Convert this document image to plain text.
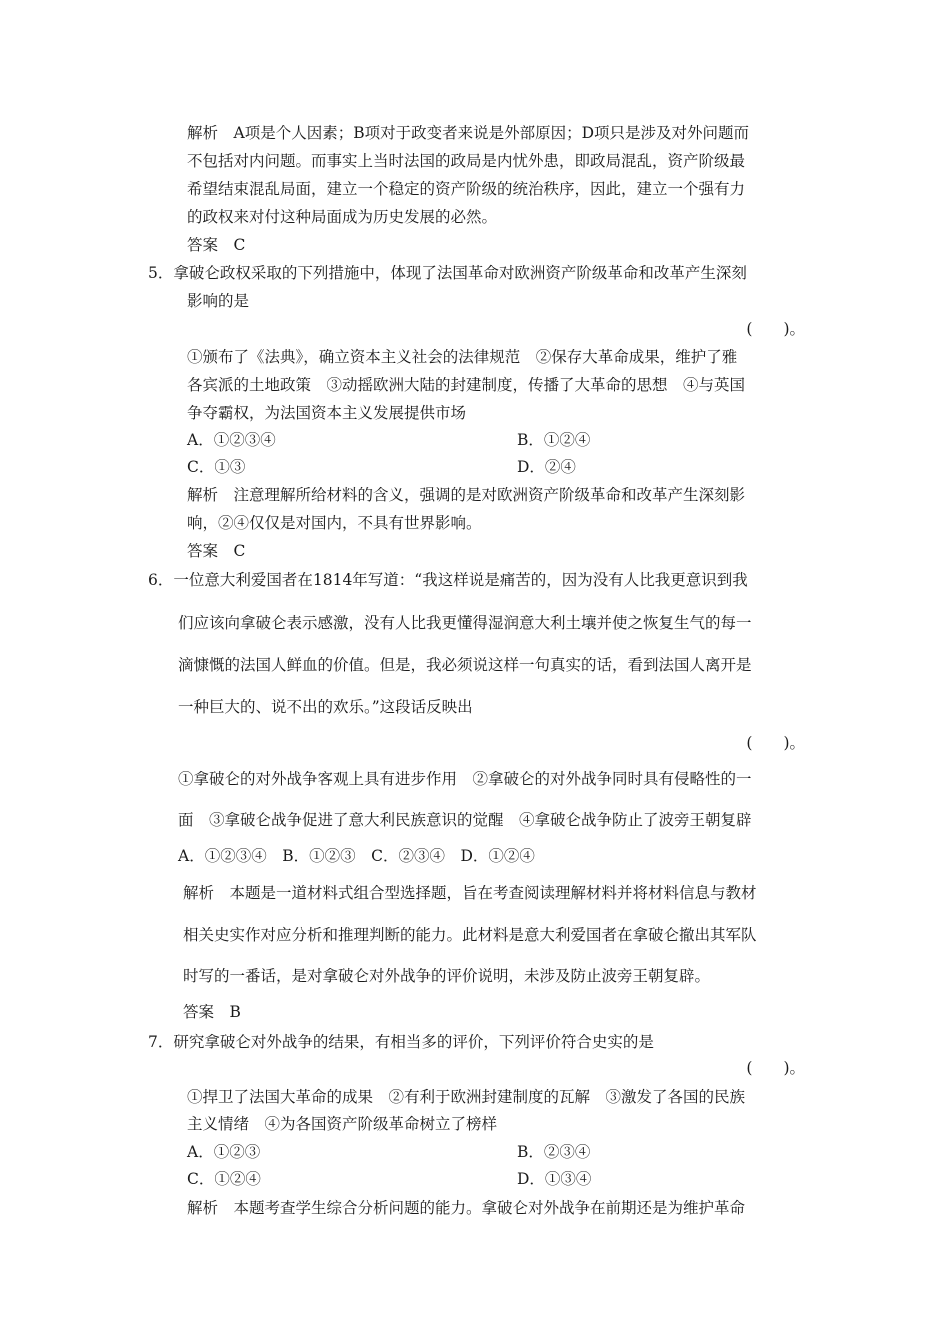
解析　A项是个人因素；B项对于政变者来说是外部原因；D项只是涉及对外问题而
不包括对内问题。而事实上当时法国的政局是内忧外患，即政局混乱，资产阶级最
希望结束混乱局面，建立一个稳定的资产阶级的统治秩序，因此，建立一个强有力
的政权来对付这种局面成为历史发展的必然。
答案　C
5．拿破仑政权采取的下列措施中，体现了法国革命对欧洲资产阶级革命和改革产生深刻
影响的是
(　　)。
①颁布了《法典》，确立资本主义社会的法律规范　②保存大革命成果，维护了雅
各宾派的土地政策　③动摇欧洲大陆的封建制度，传播了大革命的思想　④与英国
争夺霸权，为法国资本主义发展提供市场
A．①②③④	B．①②④
C．①③	D．②④
解析　注意理解所给材料的含义，强调的是对欧洲资产阶级革命和改革产生深刻影
响，②④仅仅是对国内，不具有世界影响。
答案　C
6．一位意大利爱国者在1814年写道：“我这样说是痛苦的，因为没有人比我更意识到我
们应该向拿破仑表示感激，没有人比我更懂得湿润意大利土壤并使之恢复生气的每一
滴慷慨的法国人鲜血的价值。但是，我必须说这样一句真实的话，看到法国人离开是
一种巨大的、说不出的欢乐。”这段话反映出
(　　)。
①拿破仑的对外战争客观上具有进步作用　②拿破仑的对外战争同时具有侵略性的一
面　③拿破仑战争促进了意大利民族意识的觉醒　④拿破仑战争防止了波旁王朝复辟
A．①②③④　B．①②③　C．②③④　D．①②④
解析　本题是一道材料式组合型选择题，旨在考查阅读理解材料并将材料信息与教材
相关史实作对应分析和推理判断的能力。此材料是意大利爱国者在拿破仑撤出其军队
时写的一番话，是对拿破仑对外战争的评价说明，未涉及防止波旁王朝复辟。
答案　B
7．研究拿破仑对外战争的结果，有相当多的评价，下列评价符合史实的是
(　　)。
①捍卫了法国大革命的成果　②有利于欧洲封建制度的瓦解　③激发了各国的民族
主义情绪　④为各国资产阶级革命树立了榜样
A．①②③	B．②③④
C．①②④	D．①③④
解析　本题考查学生综合分析问题的能力。拿破仑对外战争在前期还是为维护革命
